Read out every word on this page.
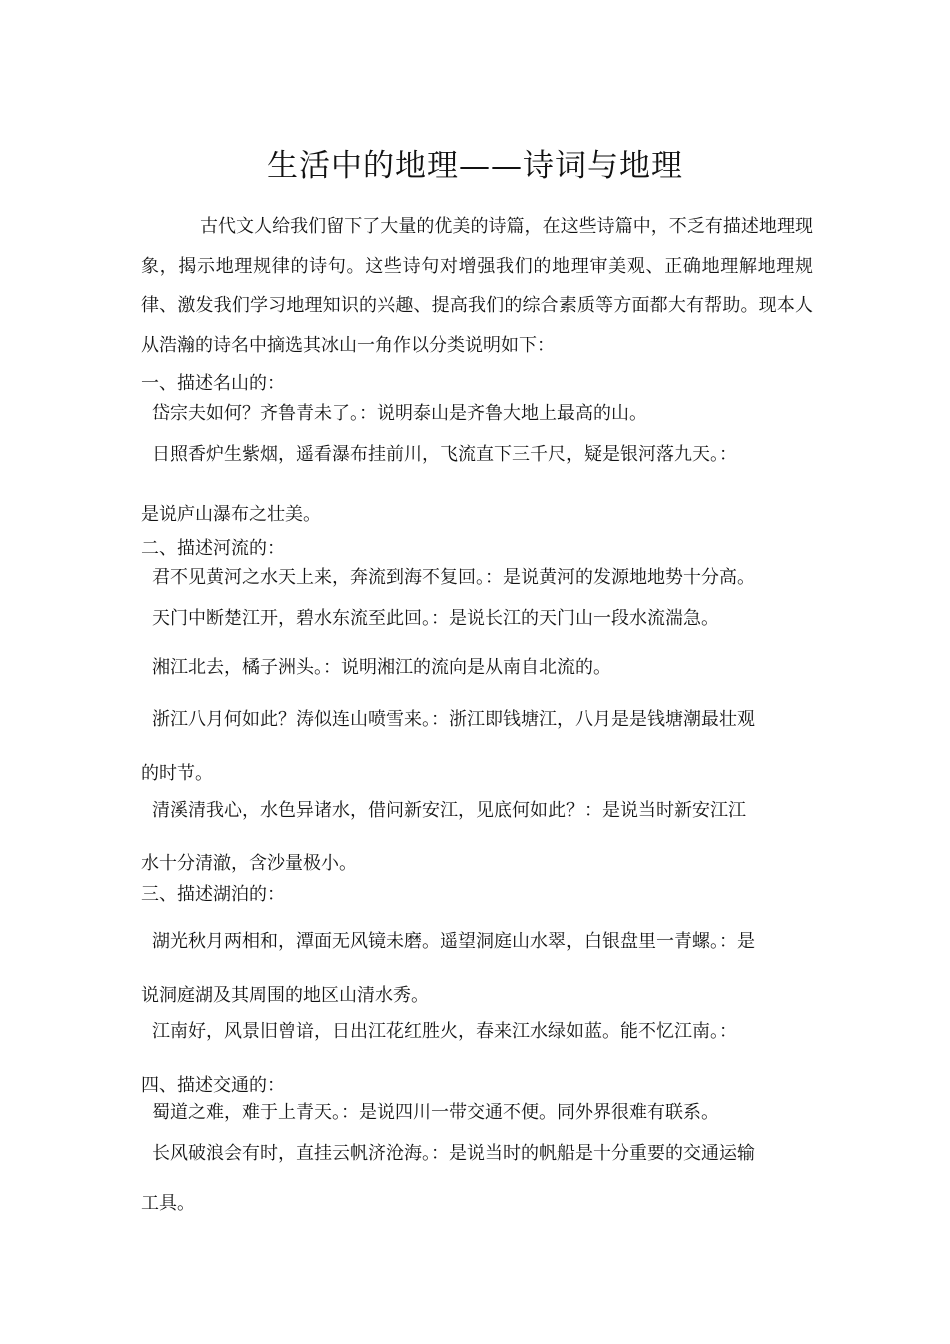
生活中的地理——诗词与地理

古代文人给我们留下了大量的优美的诗篇，在这些诗篇中，不乏有描述地理现象，揭示地理规律的诗句。这些诗句对增强我们的地理审美观、正确地理解地理规律、激发我们学习地理知识的兴趣、提高我们的综合素质等方面都大有帮助。现本人从浩瀚的诗名中摘选其冰山一角作以分类说明如下：

一、描述名山的：
岱宗夫如何？齐鲁青未了。：说明泰山是齐鲁大地上最高的山。
日照香炉生紫烟，遥看瀑布挂前川，飞流直下三千尺，疑是银河落九天。：
是说庐山瀑布之壮美。
二、描述河流的：
君不见黄河之水天上来，奔流到海不复回。：是说黄河的发源地地势十分高。
天门中断楚江开，碧水东流至此回。：是说长江的天门山一段水流湍急。
湘江北去，橘子洲头。：说明湘江的流向是从南自北流的。
浙江八月何如此？涛似连山喷雪来。：浙江即钱塘江，八月是是钱塘潮最壮观
的时节。
清溪清我心，水色异诸水，借问新安江，见底何如此？：是说当时新安江江
水十分清澈，含沙量极小。
三、描述湖泊的：
湖光秋月两相和，潭面无风镜未磨。遥望洞庭山水翠，白银盘里一青螺。：是
说洞庭湖及其周围的地区山清水秀。
江南好，风景旧曾谙，日出江花红胜火，春来江水绿如蓝。能不忆江南。：
四、描述交通的：
蜀道之难，难于上青天。：是说四川一带交通不便。同外界很难有联系。
长风破浪会有时，直挂云帆济沧海。：是说当时的帆船是十分重要的交通运输
工具。
